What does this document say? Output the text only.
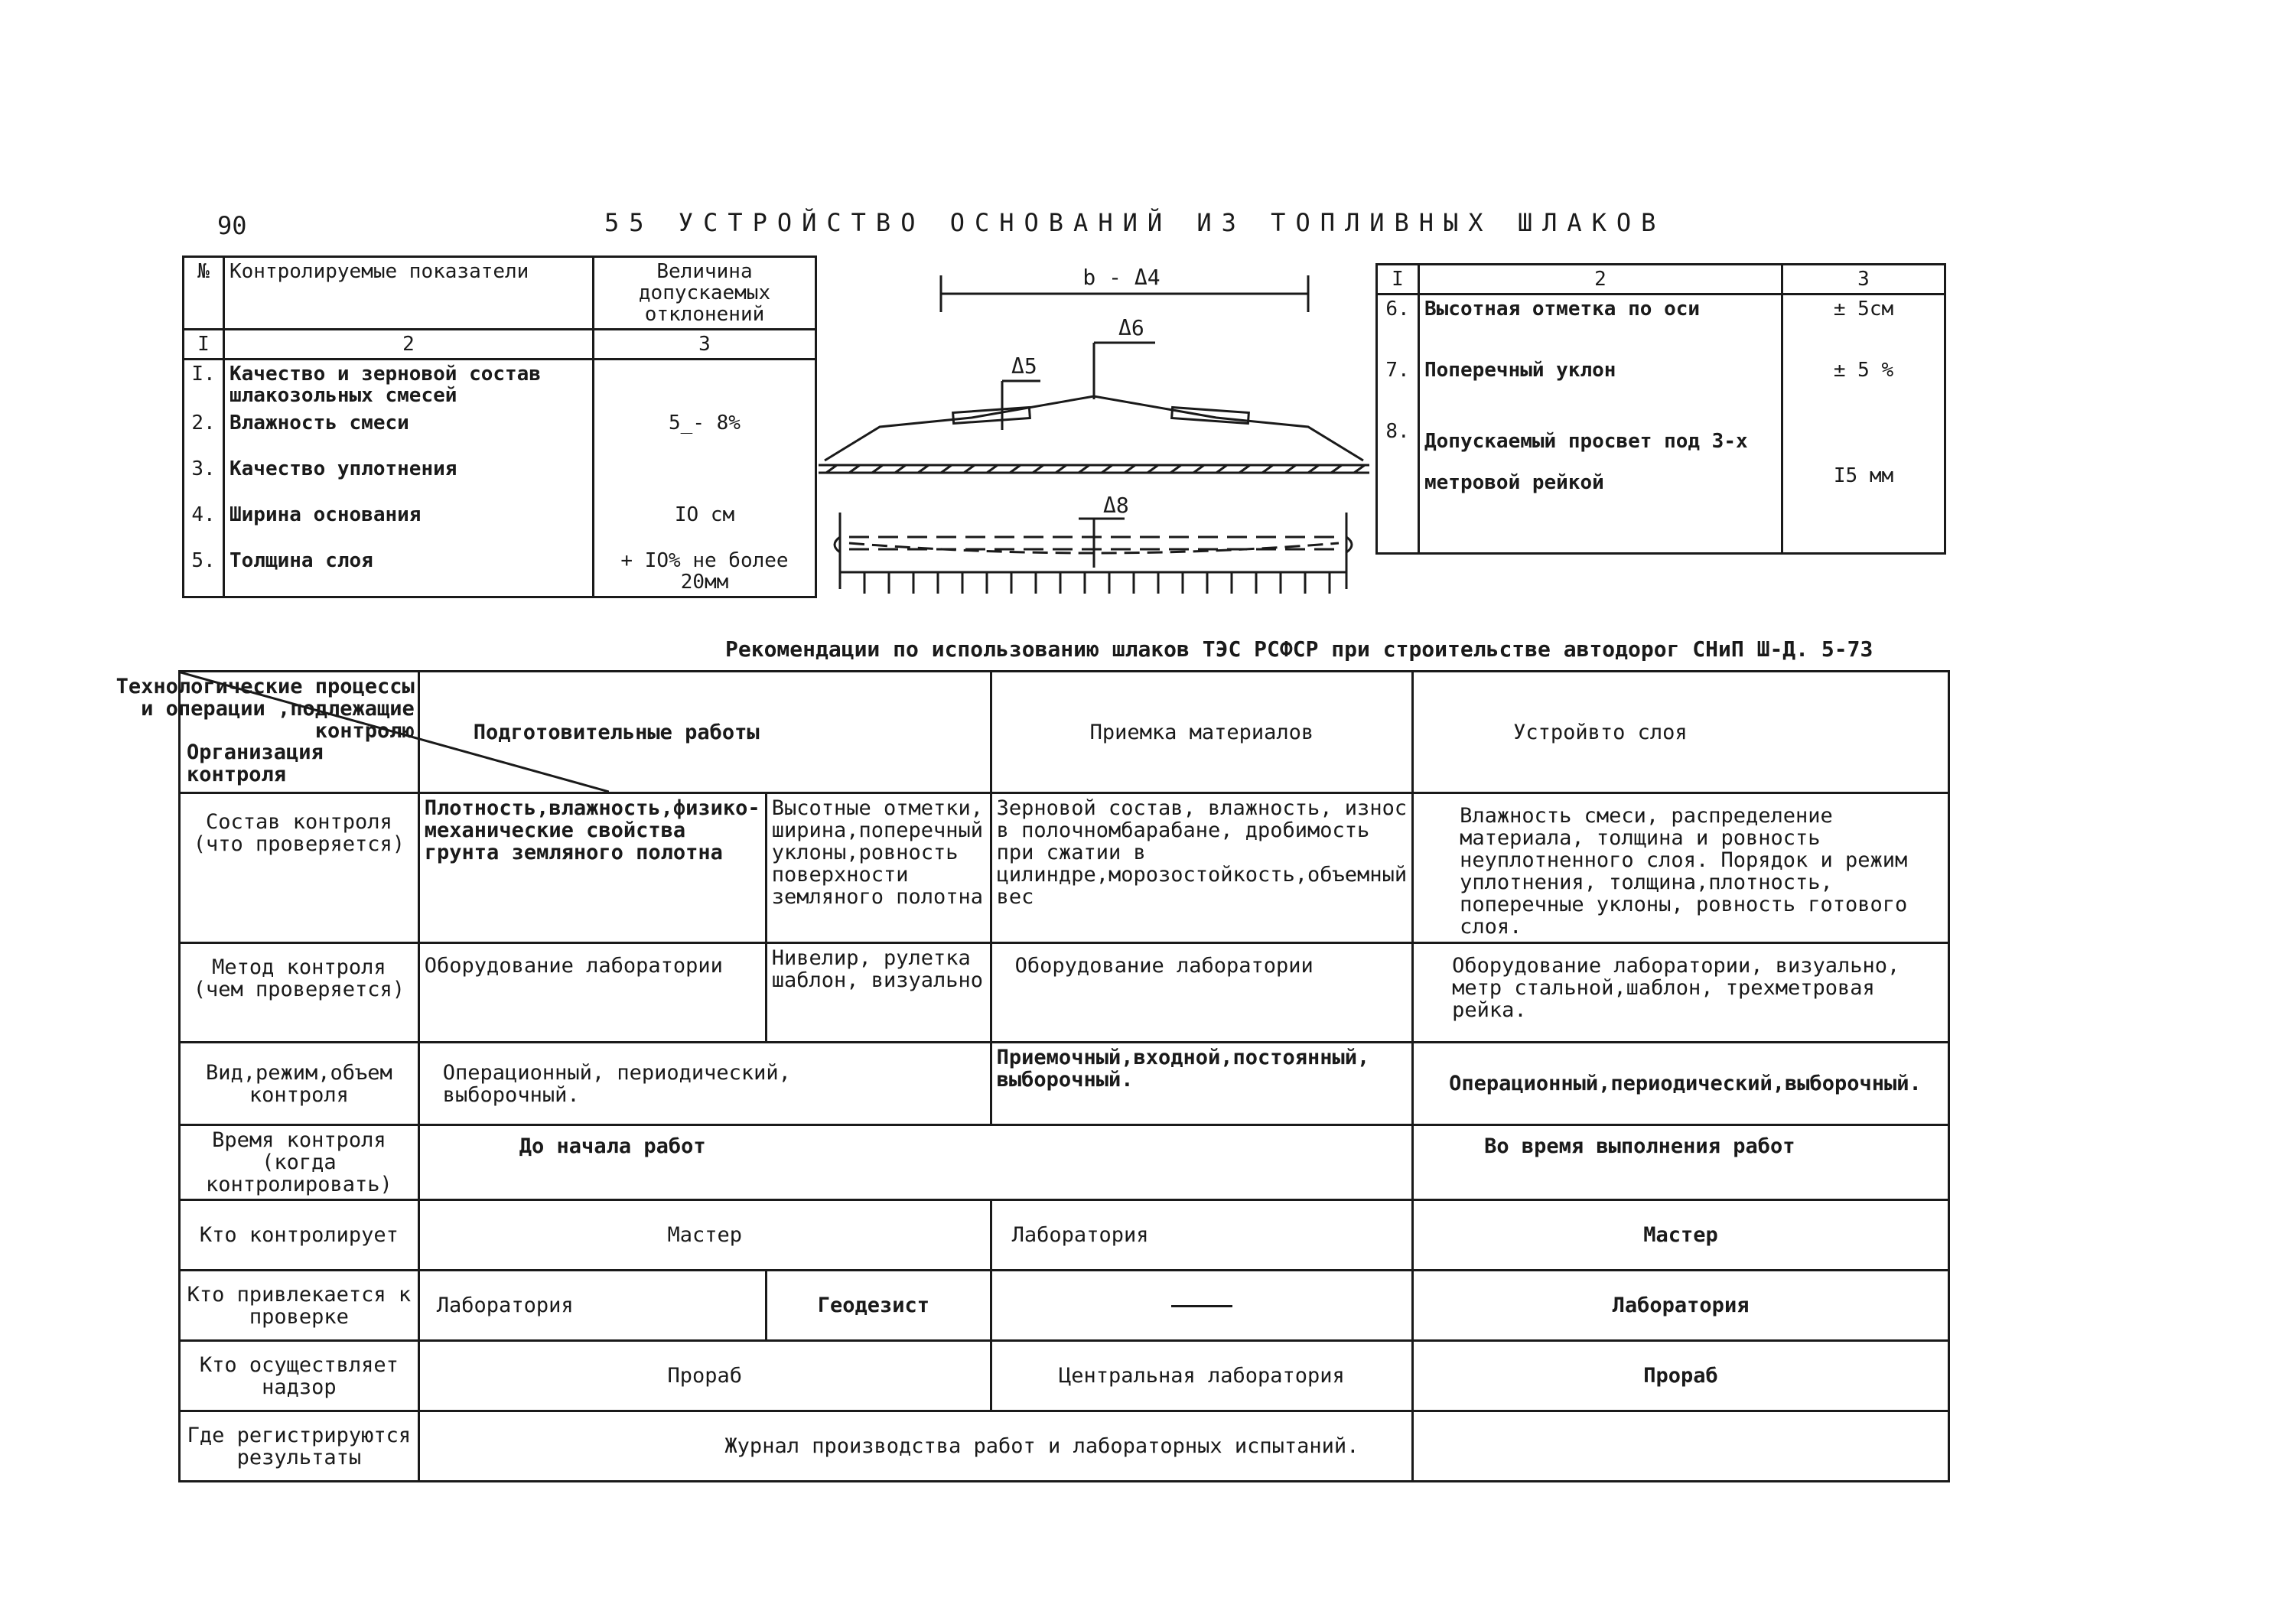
90	55 УСТРОЙСТВО ОСНОВАНИЙ ИЗ ТОПЛИВНЫХ ШЛАКОВ
№	Контролируемые показатели	Величина допускаемых отклонений
I	2	3
I.	Качество и зерновой состав шлакозольных смесей	
2.	Влажность смеси	5_- 8%
3.	Качество уплотнения	
4.	Ширина основания	IO см
5.	Толщина слоя	+ IO% не более 20мм
b - Δ4
Δ5
Δ6
Δ8
I	2	3
6.	Высотная отметка по оси	± 5см
7.	Поперечный уклон	± 5 %
8.	Допускаемый просвет под 3-х метровой рейкой	I5 мм
Рекомендации по использованию шлаков ТЭС РСФСР при строительстве автодорог СНиП Ш-Д. 5-73
Технологические процессы и операции ,подлежащие контролю
Организация контроля	Подготовительные работы		Приемка материалов	Устройвто слоя
Состав контроля (что проверяется)	Плотность,влажность,физико-механические свойства грунта земляного полотна	Высотные отметки, ширина,поперечный уклоны,ровность поверхности земляного полотна	Зерновой состав, влажность, износ в полочномбарабане, дробимость при сжатии в цилиндре,морозостойкость,объемный вес	Влажность смеси, распределение материала, толщина и ровность неуплотненного слоя. Порядок и режим уплотнения, толщина,плотность, поперечные уклоны, ровность готового слоя.
Метод контроля (чем проверяется)	Оборудование лаборатории	Нивелир, рулетка шаблон, визуально	Оборудование лаборатории	Оборудование лаборатории, визуально, метр стальной,шаблон, трехметровая рейка.
Вид,режим,объем контроля	Операционный, периодический, выборочный.		Приемочный,входной,постоянный, выборочный.	Операционный,периодический,выборочный.
Время контроля (когда контролировать)	До начала работ			Во время выполнения работ
Кто контролирует	Мастер		Лаборатория	Мастер
Кто привлекается к проверке	Лаборатория	Геодезист		Лаборатория
Кто осуществляет надзор	Прораб		Центральная лаборатория	Прораб
Где регистрируются результаты	Журнал производства работ и лабораторных испытаний.			
